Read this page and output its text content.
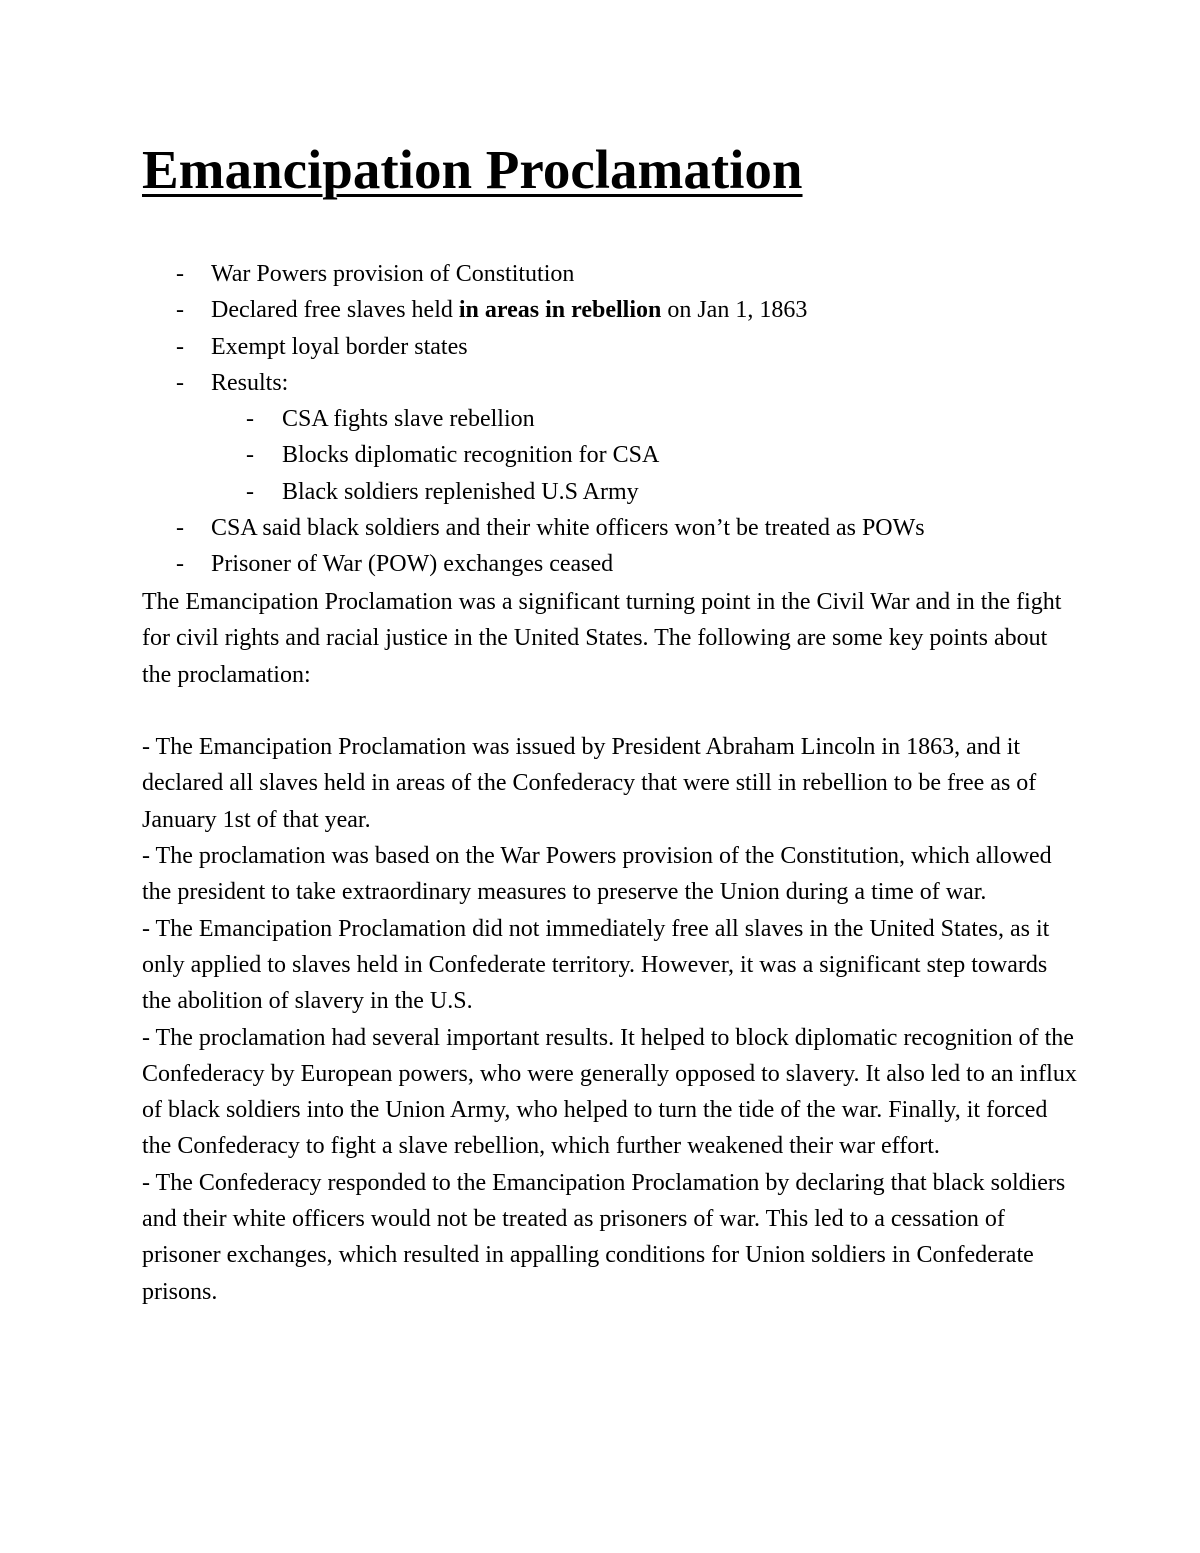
Emancipation Proclamation
- War Powers provision of Constitution
- Declared free slaves held in areas in rebellion on Jan 1, 1863
- Exempt loyal border states
- Results:
- CSA fights slave rebellion
- Blocks diplomatic recognition for CSA
- Black soldiers replenished U.S Army
- CSA said black soldiers and their white officers won’t be treated as POWs
- Prisoner of War (POW) exchanges ceased

The Emancipation Proclamation was a significant turning point in the Civil War and in the fight for civil rights and racial justice in the United States. The following are some key points about the proclamation:

- The Emancipation Proclamation was issued by President Abraham Lincoln in 1863, and it declared all slaves held in areas of the Confederacy that were still in rebellion to be free as of January 1st of that year.

- The proclamation was based on the War Powers provision of the Constitution, which allowed the president to take extraordinary measures to preserve the Union during a time of war.

- The Emancipation Proclamation did not immediately free all slaves in the United States, as it only applied to slaves held in Confederate territory. However, it was a significant step towards the abolition of slavery in the U.S.

- The proclamation had several important results. It helped to block diplomatic recognition of the Confederacy by European powers, who were generally opposed to slavery. It also led to an influx of black soldiers into the Union Army, who helped to turn the tide of the war. Finally, it forced the Confederacy to fight a slave rebellion, which further weakened their war effort.

- The Confederacy responded to the Emancipation Proclamation by declaring that black soldiers and their white officers would not be treated as prisoners of war. This led to a cessation of prisoner exchanges, which resulted in appalling conditions for Union soldiers in Confederate prisons.
